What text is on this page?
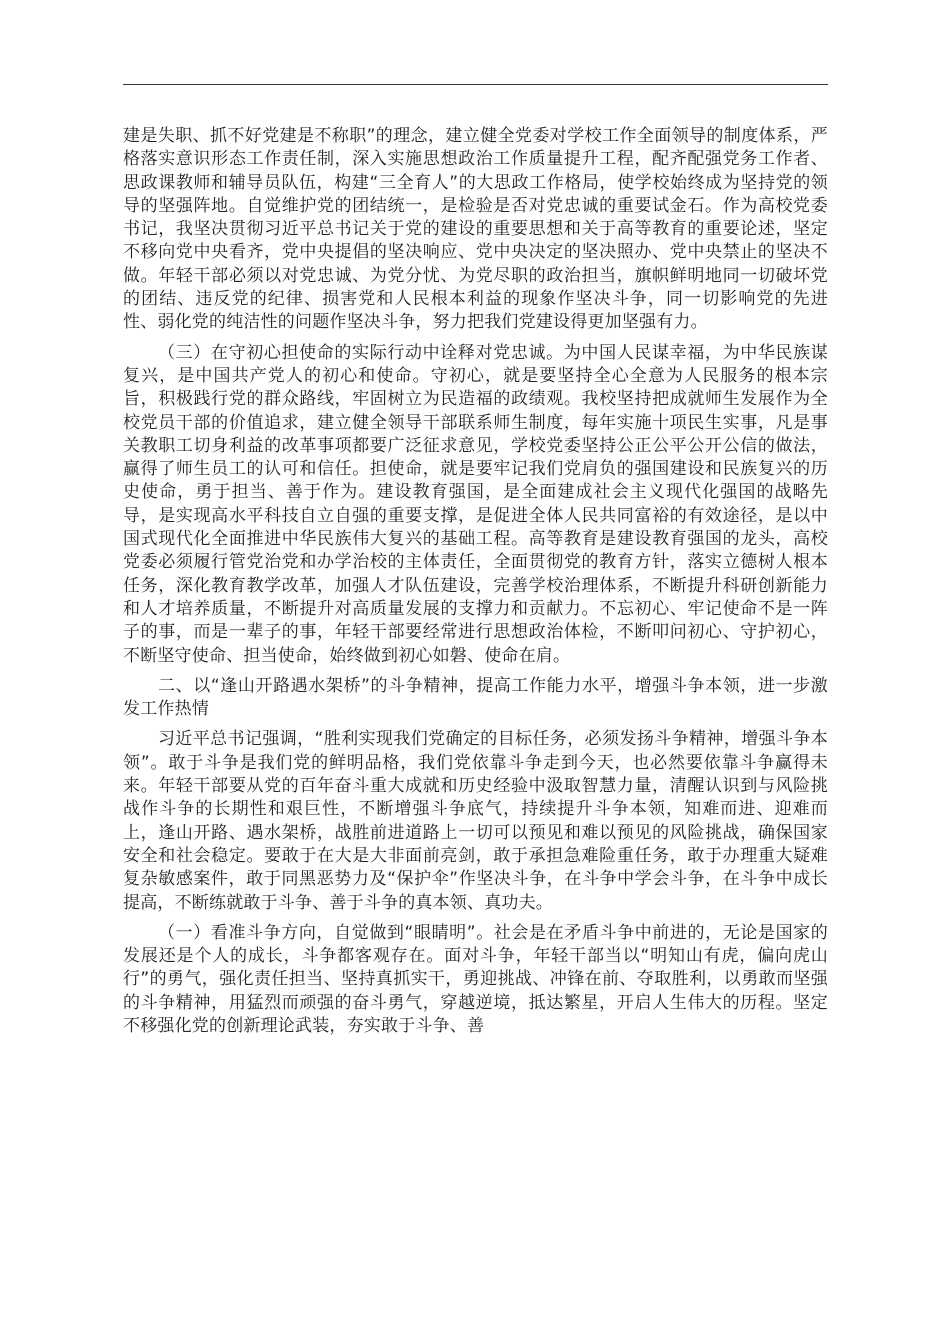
建是失职、抓不好党建是不称职”的理念，建立健全党委对学校工作全面领导的制度体系，严格落实意识形态工作责任制，深入实施思想政治工作质量提升工程，配齐配强党务工作者、思政课教师和辅导员队伍，构建“三全育人”的大思政工作格局，使学校始终成为坚持党的领导的坚强阵地。自觉维护党的团结统一，是检验是否对党忠诚的重要试金石。作为高校党委书记，我坚决贯彻习近平总书记关于党的建设的重要思想和关于高等教育的重要论述，坚定不移向党中央看齐，党中央提倡的坚决响应、党中央决定的坚决照办、党中央禁止的坚决不做。年轻干部必须以对党忠诚、为党分忧、为党尽职的政治担当，旗帜鲜明地同一切破坏党的团结、违反党的纪律、损害党和人民根本利益的现象作坚决斗争，同一切影响党的先进性、弱化党的纯洁性的问题作坚决斗争，努力把我们党建设得更加坚强有力。

（三）在守初心担使命的实际行动中诠释对党忠诚。为中国人民谋幸福，为中华民族谋复兴，是中国共产党人的初心和使命。守初心，就是要坚持全心全意为人民服务的根本宗旨，积极践行党的群众路线，牢固树立为民造福的政绩观。我校坚持把成就师生发展作为全校党员干部的价值追求，建立健全领导干部联系师生制度，每年实施十项民生实事，凡是事关教职工切身利益的改革事项都要广泛征求意见，学校党委坚持公正公平公开公信的做法，赢得了师生员工的认可和信任。担使命，就是要牢记我们党肩负的强国建设和民族复兴的历史使命，勇于担当、善于作为。建设教育强国，是全面建成社会主义现代化强国的战略先导，是实现高水平科技自立自强的重要支撑，是促进全体人民共同富裕的有效途径，是以中国式现代化全面推进中华民族伟大复兴的基础工程。高等教育是建设教育强国的龙头，高校党委必须履行管党治党和办学治校的主体责任，全面贯彻党的教育方针，落实立德树人根本任务，深化教育教学改革，加强人才队伍建设，完善学校治理体系，不断提升科研创新能力和人才培养质量，不断提升对高质量发展的支撑力和贡献力。不忘初心、牢记使命不是一阵子的事，而是一辈子的事，年轻干部要经常进行思想政治体检，不断叩问初心、守护初心，不断坚守使命、担当使命，始终做到初心如磐、使命在肩。

二、以“逢山开路遇水架桥”的斗争精神，提高工作能力水平，增强斗争本领，进一步激发工作热情

习近平总书记强调，“胜利实现我们党确定的目标任务，必须发扬斗争精神，增强斗争本领”。敢于斗争是我们党的鲜明品格，我们党依靠斗争走到今天，也必然要依靠斗争赢得未来。年轻干部要从党的百年奋斗重大成就和历史经验中汲取智慧力量，清醒认识到与风险挑战作斗争的长期性和艰巨性，不断增强斗争底气，持续提升斗争本领，知难而进、迎难而上，逢山开路、遇水架桥，战胜前进道路上一切可以预见和难以预见的风险挑战，确保国家安全和社会稳定。要敢于在大是大非面前亮剑，敢于承担急难险重任务，敢于办理重大疑难复杂敏感案件，敢于同黑恶势力及“保护伞”作坚决斗争，在斗争中学会斗争，在斗争中成长提高，不断练就敢于斗争、善于斗争的真本领、真功夫。

（一）看准斗争方向，自觉做到“眼睛明”。社会是在矛盾斗争中前进的，无论是国家的发展还是个人的成长，斗争都客观存在。面对斗争，年轻干部当以“明知山有虎，偏向虎山行”的勇气，强化责任担当、坚持真抓实干，勇迎挑战、冲锋在前、夺取胜利，以勇敢而坚强的斗争精神，用猛烈而顽强的奋斗勇气，穿越逆境，抵达繁星，开启人生伟大的历程。坚定不移强化党的创新理论武装，夯实敢于斗争、善
